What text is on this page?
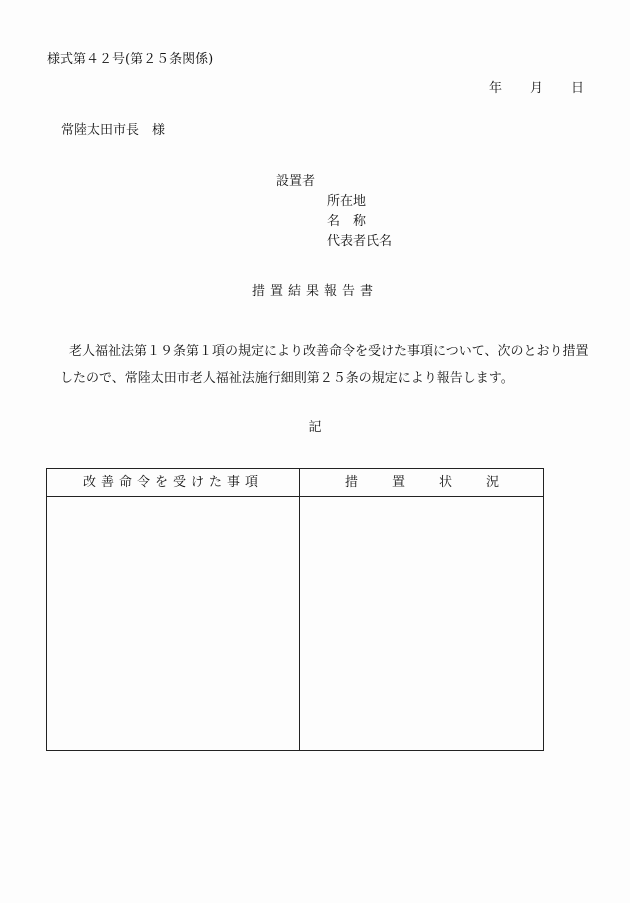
様式第４２号(第２５条関係)
年 月 日
常陸太田市長　様
設置者
所在地
名　称
代表者氏名
措置結果報告書
老人福祉法第１９条第１項の規定により改善命令を受けた事項について、次のとおり措置
したので、常陸太田市老人福祉法施行細則第２５条の規定により報告します。
記
改善命令を受けた事項	措置状況
